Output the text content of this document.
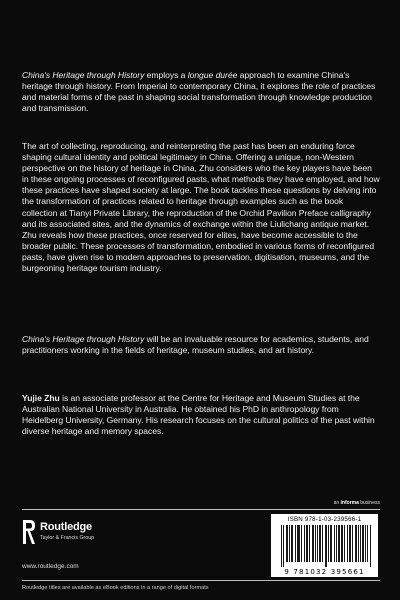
China's Heritage through History employs a longue durée approach to examine China's heritage through history. From Imperial to contemporary China, it explores the role of practices and material forms of the past in shaping social transformation through knowledge production and transmission.

The art of collecting, reproducing, and reinterpreting the past has been an enduring force shaping cultural identity and political legitimacy in China. Offering a unique, non-Western perspective on the history of heritage in China, Zhu considers who the key players have been in these ongoing processes of reconfigured pasts, what methods they have employed, and how these practices have shaped society at large. The book tackles these questions by delving into the transformation of practices related to heritage through examples such as the book collection at Tianyi Private Library, the reproduction of the Orchid Pavilion Preface calligraphy and its associated sites, and the dynamics of exchange within the Liulichang antique market. Zhu reveals how these practices, once reserved for elites, have become accessible to the broader public. These processes of transformation, embodied in various forms of reconfigured pasts, have given rise to modern approaches to preservation, digitisation, museums, and the burgeoning heritage tourism industry.

China's Heritage through History will be an invaluable resource for academics, students, and practitioners working in the fields of heritage, museum studies, and art history.

Yujie Zhu is an associate professor at the Centre for Heritage and Museum Studies at the Australian National University in Australia. He obtained his PhD in anthropology from Heidelberg University, Germany. His research focuses on the cultural politics of the past within diverse heritage and memory spaces.

an informa business
Routledge
Taylor & Francis Group
www.routledge.com
ISBN 978-1-03-239566-1
9 781032 395661
Routledge titles are available as eBook editions in a range of digital formats
